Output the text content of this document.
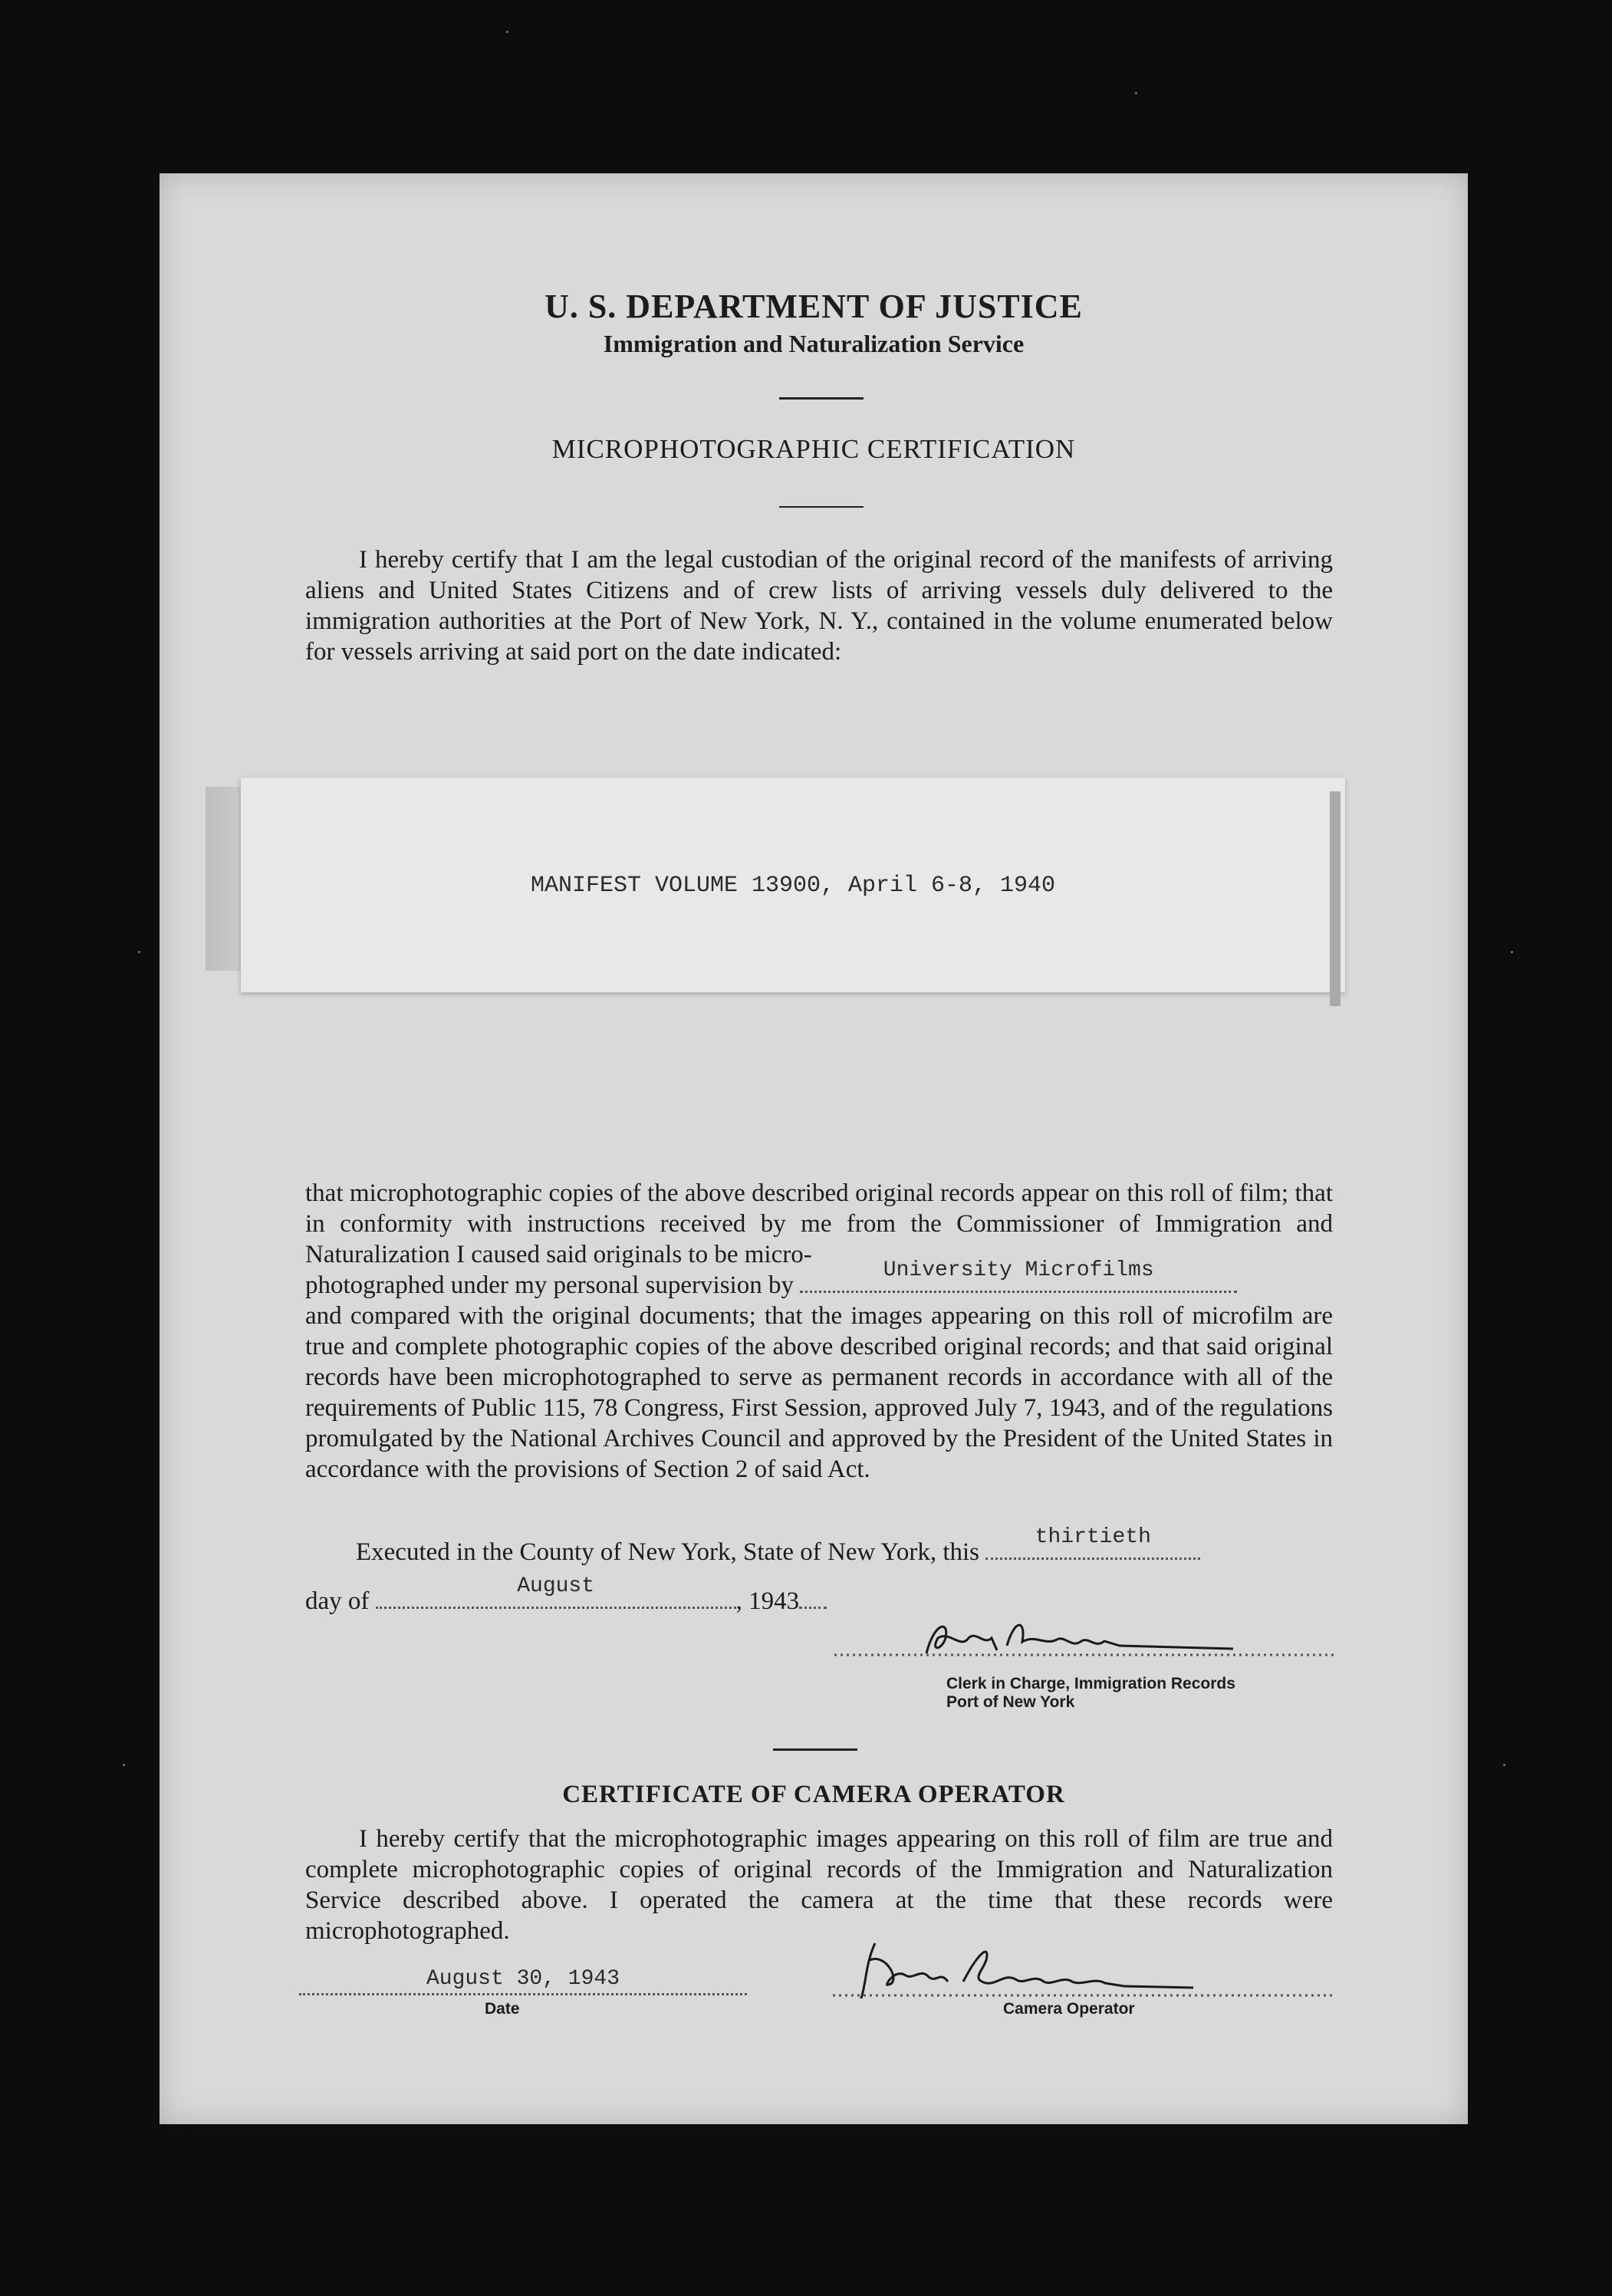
U. S. DEPARTMENT OF JUSTICE
Immigration and Naturalization Service
MICROPHOTOGRAPHIC CERTIFICATION
I hereby certify that I am the legal custodian of the original record of the manifests of arriving aliens and United States Citizens and of crew lists of arriving vessels duly delivered to the immigration authorities at the Port of New York, N. Y., contained in the volume enumerated below for vessels arriving at said port on the date indicated:
MANIFEST VOLUME 13900, April 6-8, 1940
that microphotographic copies of the above described original records appear on this roll of film; that in conformity with instructions received by me from the Commissioner of Immigration and Naturalization I caused said originals to be micro-
photographed under my personal supervision by
University Microfilms
and compared with the original documents; that the images appearing on this roll of microfilm are true and complete photographic copies of the above described original records; and that said original records have been microphotographed to serve as permanent records in accordance with all of the requirements of Public 115, 78 Congress, First Session, approved July 7, 1943, and of the regulations promulgated by the National Archives Council and approved by the President of the United States in accordance with the provisions of Section 2 of said Act.
Executed in the County of New York, State of New York, this
thirtieth
day of
August
, 1943
Clerk in Charge, Immigration Records
Port of New York
CERTIFICATE OF CAMERA OPERATOR
I hereby certify that the microphotographic images appearing on this roll of film are true and complete microphotographic copies of original records of the Immigration and Naturalization Service described above. I operated the camera at the time that these records were microphotographed.
August 30, 1943
Date	Camera Operator
